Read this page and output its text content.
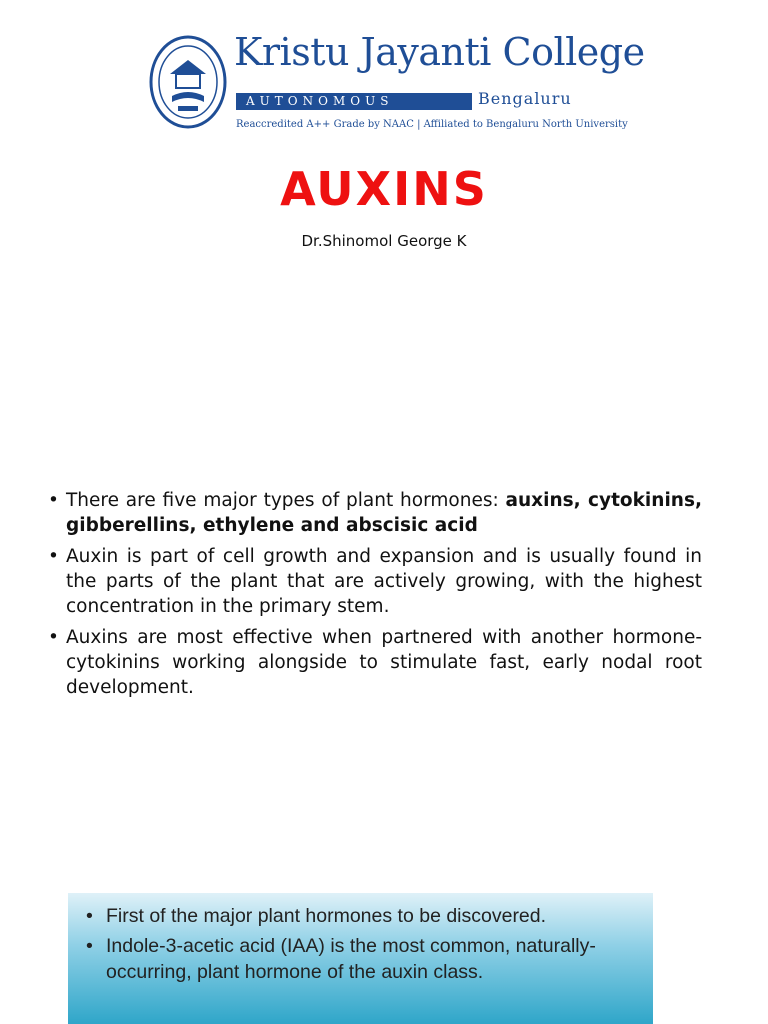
Kristu Jayanti College
AUTONOMOUS	Bengaluru
Reaccredited A++ Grade by NAAC | Affiliated to Bengaluru North University
AUXINS
Dr.Shinomol George K
• There are five major types of plant hormones: auxins, cytokinins, gibberellins, ethylene and abscisic acid
• Auxin is part of cell growth and expansion and is usually found in the parts of the plant that are actively growing, with the highest concentration in the primary stem.
• Auxins are most effective when partnered with another hormone- cytokinins working alongside to stimulate fast, early nodal root development.
• First of the major plant hormones to be discovered.
• Indole-3-acetic acid (IAA) is the most common, naturally-occurring, plant hormone of the auxin class.
